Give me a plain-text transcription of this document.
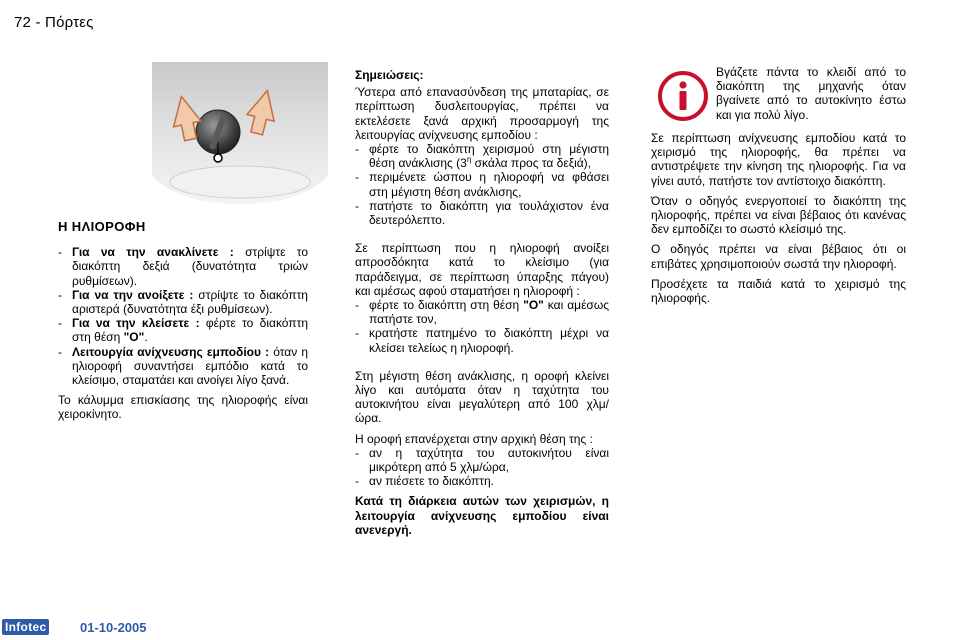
72 - Πόρτες
Η ΗΛΙΟΡΟΦΗ
- Για να την ανακλίνετε : στρίψτε το διακόπτη δεξιά (δυνατότητα τριών ρυθμίσεων).
- Για να την ανοίξετε : στρίψτε το διακόπτη αριστερά (δυνατότητα έξι ρυθμίσεων).
- Για να την κλείσετε : φέρτε το διακόπτη στη θέση "O".
- Λειτουργία ανίχνευσης εμποδίου : όταν η ηλιοροφή συναντήσει εμπόδιο κατά το κλείσιμο, σταματάει και ανοίγει λίγο ξανά.

Το κάλυμμα επισκίασης της ηλιοροφής είναι χειροκίνητο.

Σημειώσεις:

Ύστερα από επανασύνδεση της μπαταρίας, σε περίπτωση δυσλειτουργίας, πρέπει να εκτελέσετε ξανά αρχική προσαρμογή της λειτουργίας ανίχνευσης εμποδίου :

- φέρτε το διακόπτη χειρισμού στη μέγιστη θέση ανάκλισης ($3^\eta$ σκάλα προς τα δεξιά),
- περιμένετε ώσπου η ηλιοροφή να φθάσει στη μέγιστη θέση ανάκλισης,
- πατήστε το διακόπτη για τουλάχιστον ένα δευτερόλεπτο.

Σε περίπτωση που η ηλιοροφή ανοίξει απροσδόκητα κατά το κλείσιμο (για παράδειγμα, σε περίπτωση ύπαρξης πάγου) και αμέσως αφού σταματήσει η ηλιοροφή :

- φέρτε το διακόπτη στη θέση "O" και αμέσως πατήστε τον,
- κρατήστε πατημένο το διακόπτη μέχρι να κλείσει τελείως η ηλιοροφή.

Στη μέγιστη θέση ανάκλισης, η οροφή κλείνει λίγο και αυτόματα όταν η ταχύτητα του αυτοκινήτου είναι μεγαλύτερη από 100 χλμ/ώρα.

Η οροφή επανέρχεται στην αρχική θέση της :

- αν η ταχύτητα του αυτοκινήτου είναι μικρότερη από 5 χλμ/ώρα,
- αν πιέσετε το διακόπτη.

Κατά τη διάρκεια αυτών των χειρισμών, η λειτουργία ανίχνευσης εμποδίου είναι ανενεργή.

Βγάζετε πάντα το κλειδί από το διακόπτη της μηχανής όταν βγαίνετε από το αυτοκίνητο έστω και για πολύ λίγο.

Σε περίπτωση ανίχνευσης εμποδίου κατά το χειρισμό της ηλιοροφής, θα πρέπει να αντιστρέψετε την κίνηση της ηλιοροφής. Για να γίνει αυτό, πατήστε τον αντίστοιχο διακόπτη.

Όταν ο οδηγός ενεργοποιεί το διακόπτη της ηλιοροφής, πρέπει να είναι βέβαιος ότι κανένας δεν εμποδίζει το σωστό κλείσιμό της.

Ο οδηγός πρέπει να είναι βέβαιος ότι οι επιβάτες χρησιμοποιούν σωστά την ηλιοροφή.

Προσέχετε τα παιδιά κατά το χειρισμό της ηλιοροφής.

Infotec	01-10-2005
